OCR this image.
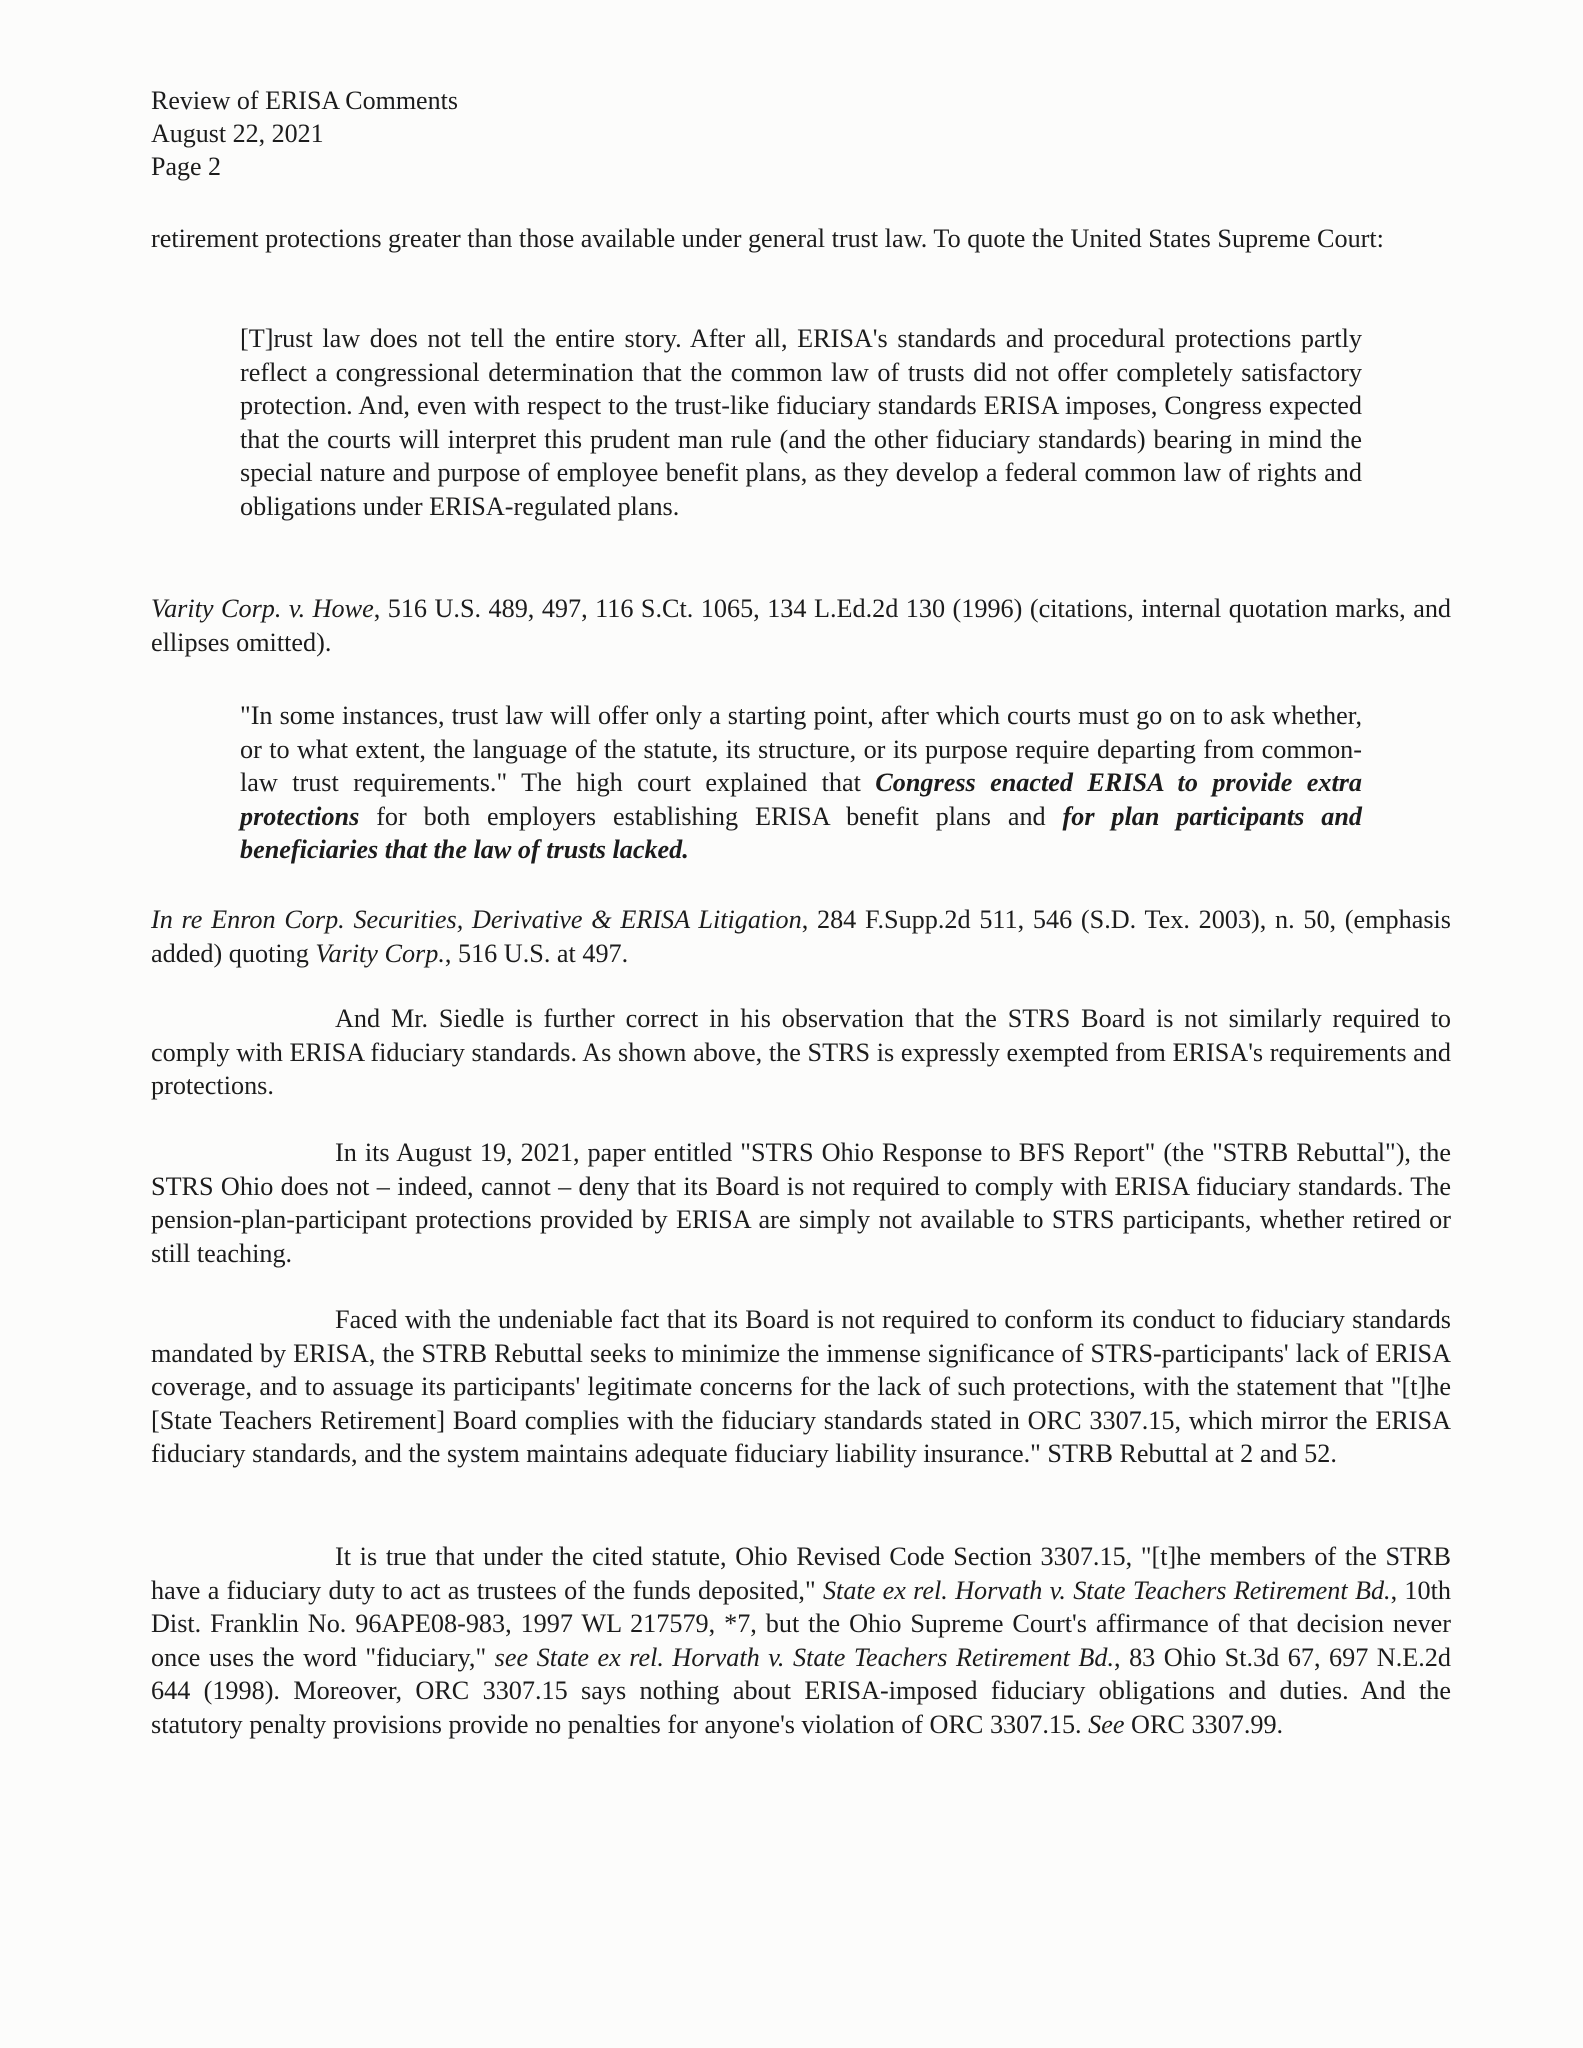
Review of ERISA Comments
August 22, 2021
Page 2

retirement protections greater than those available under general trust law. To quote the United States Supreme Court:

[T]rust law does not tell the entire story. After all, ERISA's standards and procedural protections partly reflect a congressional determination that the common law of trusts did not offer completely satisfactory protection. And, even with respect to the trust-like fiduciary standards ERISA imposes, Congress expected that the courts will interpret this prudent man rule (and the other fiduciary standards) bearing in mind the special nature and purpose of employee benefit plans, as they develop a federal common law of rights and obligations under ERISA-regulated plans.

Varity Corp. v. Howe, 516 U.S. 489, 497, 116 S.Ct. 1065, 134 L.Ed.2d 130 (1996) (citations, internal quotation marks, and ellipses omitted).

"In some instances, trust law will offer only a starting point, after which courts must go on to ask whether, or to what extent, the language of the statute, its structure, or its purpose require departing from common-law trust requirements." The high court explained that Congress enacted ERISA to provide extra protections for both employers establishing ERISA benefit plans and for plan participants and beneficiaries that the law of trusts lacked.

In re Enron Corp. Securities, Derivative & ERISA Litigation, 284 F.Supp.2d 511, 546 (S.D. Tex. 2003), n. 50, (emphasis added) quoting Varity Corp., 516 U.S. at 497.

And Mr. Siedle is further correct in his observation that the STRS Board is not similarly required to comply with ERISA fiduciary standards. As shown above, the STRS is expressly exempted from ERISA's requirements and protections.

In its August 19, 2021, paper entitled "STRS Ohio Response to BFS Report" (the "STRB Rebuttal"), the STRS Ohio does not – indeed, cannot – deny that its Board is not required to comply with ERISA fiduciary standards. The pension-plan-participant protections provided by ERISA are simply not available to STRS participants, whether retired or still teaching.

Faced with the undeniable fact that its Board is not required to conform its conduct to fiduciary standards mandated by ERISA, the STRB Rebuttal seeks to minimize the immense significance of STRS-participants' lack of ERISA coverage, and to assuage its participants' legitimate concerns for the lack of such protections, with the statement that "[t]he [State Teachers Retirement] Board complies with the fiduciary standards stated in ORC 3307.15, which mirror the ERISA fiduciary standards, and the system maintains adequate fiduciary liability insurance." STRB Rebuttal at 2 and 52.

It is true that under the cited statute, Ohio Revised Code Section 3307.15, "[t]he members of the STRB have a fiduciary duty to act as trustees of the funds deposited," State ex rel. Horvath v. State Teachers Retirement Bd., 10th Dist. Franklin No. 96APE08-983, 1997 WL 217579, *7, but the Ohio Supreme Court's affirmance of that decision never once uses the word "fiduciary," see State ex rel. Horvath v. State Teachers Retirement Bd., 83 Ohio St.3d 67, 697 N.E.2d 644 (1998). Moreover, ORC 3307.15 says nothing about ERISA-imposed fiduciary obligations and duties. And the statutory penalty provisions provide no penalties for anyone's violation of ORC 3307.15. See ORC 3307.99.
